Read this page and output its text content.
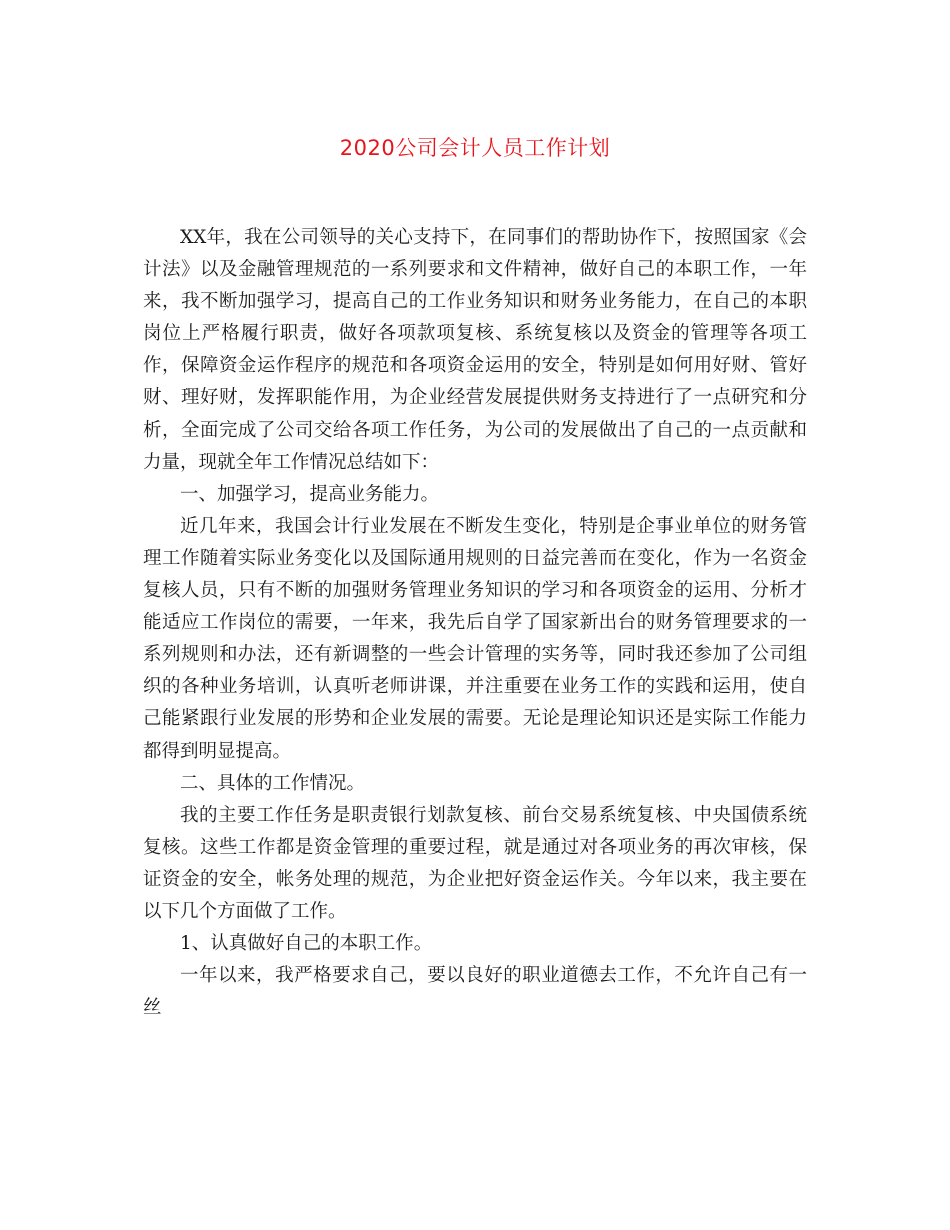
2020公司会计人员工作计划

XX年，我在公司领导的关心支持下，在同事们的帮助协作下，按照国家《会计法》以及金融管理规范的一系列要求和文件精神，做好自己的本职工作，一年来，我不断加强学习，提高自己的工作业务知识和财务业务能力，在自己的本职岗位上严格履行职责，做好各项款项复核、系统复核以及资金的管理等各项工作，保障资金运作程序的规范和各项资金运用的安全，特别是如何用好财、管好财、理好财，发挥职能作用，为企业经营发展提供财务支持进行了一点研究和分析，全面完成了公司交给各项工作任务，为公司的发展做出了自己的一点贡献和力量，现就全年工作情况总结如下：

一、加强学习，提高业务能力。

近几年来，我国会计行业发展在不断发生变化，特别是企事业单位的财务管理工作随着实际业务变化以及国际通用规则的日益完善而在变化，作为一名资金复核人员，只有不断的加强财务管理业务知识的学习和各项资金的运用、分析才能适应工作岗位的需要，一年来，我先后自学了国家新出台的财务管理要求的一系列规则和办法，还有新调整的一些会计管理的实务等，同时我还参加了公司组织的各种业务培训，认真听老师讲课，并注重要在业务工作的实践和运用，使自己能紧跟行业发展的形势和企业发展的需要。无论是理论知识还是实际工作能力都得到明显提高。

二、具体的工作情况。

我的主要工作任务是职责银行划款复核、前台交易系统复核、中央国债系统复核。这些工作都是资金管理的重要过程，就是通过对各项业务的再次审核，保证资金的安全，帐务处理的规范，为企业把好资金运作关。今年以来，我主要在以下几个方面做了工作。

1、认真做好自己的本职工作。

一年以来，我严格要求自己，要以良好的职业道德去工作，不允许自己有一丝
